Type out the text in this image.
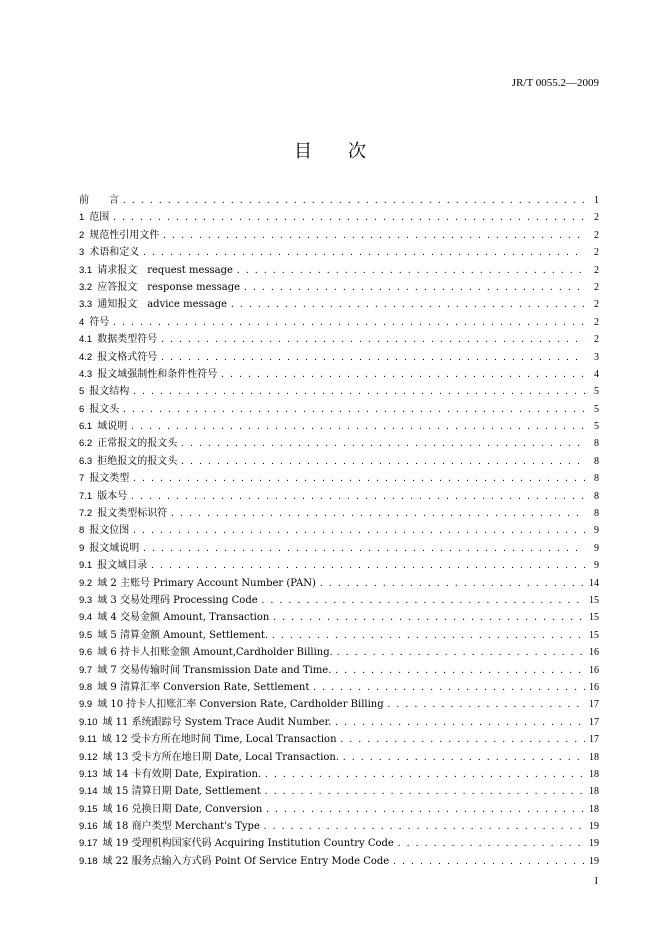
JR/T 0055.2—2009
目 次
前　　言 . . .	1
1 范围 . . .	2
2 规范性引用文件 . . .	2
3 术语和定义 . . .	2
3.1 请求报文　request message . . .	2
3.2 应答报文　response message . . .	2
3.3 通知报文　advice message . . .	2
4 符号 . . .	2
4.1 数据类型符号 . . .	2
4.2 报文格式符号 . . .	3
4.3 报文域强制性和条件性符号 . . .	4
5 报文结构 . . .	5
6 报文头 . . .	5
6.1 域说明 . . .	5
6.2 正常报文的报文头 . . .	8
6.3 拒绝报文的报文头 . . .	8
7 报文类型 . . .	8
7.1 版本号 . . .	8
7.2 报文类型标识符 . . .	8
8 报文位图 . . .	9
9 报文域说明 . . .	9
9.1 报文域目录 . . .	9
9.2 域 2 主账号 Primary Account Number (PAN) . . .	14
9.3 域 3 交易处理码 Processing Code . . .	15
9.4 域 4 交易金额 Amount, Transaction . . .	15
9.5 域 5 清算金额 Amount, Settlement. . . .	15
9.6 域 6 持卡人扣账金额 Amount,Cardholder Billing. . . .	16
9.7 域 7 交易传输时间 Transmission Date and Time. . . .	16
9.8 域 9 清算汇率 Conversion Rate, Settlement . . .	16
9.9 域 10 持卡人扣账汇率 Conversion Rate, Cardholder Billing . . .	17
9.10 域 11 系统跟踪号 System Trace Audit Number. . . .	17
9.11 域 12 受卡方所在地时间 Time, Local Transaction . . .	17
9.12 域 13 受卡方所在地日期 Date, Local Transaction. . . .	18
9.13 域 14 卡有效期 Date, Expiration. . . .	18
9.14 域 15 清算日期 Date, Settlement . . .	18
9.15 域 16 兑换日期 Date, Conversion . . .	18
9.16 域 18 商户类型 Merchant's Type . . .	19
9.17 域 19 受理机构国家代码 Acquiring Institution Country Code . . .	19
9.18 域 22 服务点输入方式码 Point Of Service Entry Mode Code . . .	19
I
